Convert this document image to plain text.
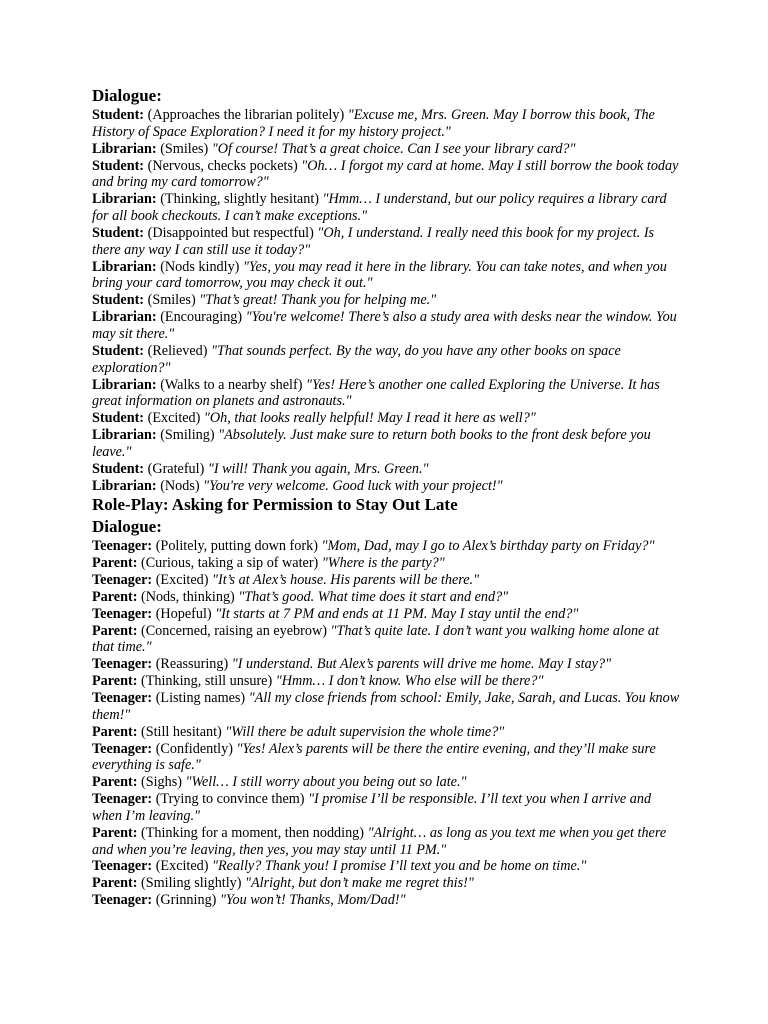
Dialogue:

Student: (Approaches the librarian politely) "Excuse me, Mrs. Green. May I borrow this book, The History of Space Exploration? I need it for my history project."

Librarian: (Smiles) "Of course! That’s a great choice. Can I see your library card?"

Student: (Nervous, checks pockets) "Oh… I forgot my card at home. May I still borrow the book today and bring my card tomorrow?"

Librarian: (Thinking, slightly hesitant) "Hmm… I understand, but our policy requires a library card for all book checkouts. I can’t make exceptions."

Student: (Disappointed but respectful) "Oh, I understand. I really need this book for my project. Is there any way I can still use it today?"

Librarian: (Nods kindly) "Yes, you may read it here in the library. You can take notes, and when you bring your card tomorrow, you may check it out."

Student: (Smiles) "That’s great! Thank you for helping me."

Librarian: (Encouraging) "You're welcome! There’s also a study area with desks near the window. You may sit there."

Student: (Relieved) "That sounds perfect. By the way, do you have any other books on space exploration?"

Librarian: (Walks to a nearby shelf) "Yes! Here’s another one called Exploring the Universe. It has great information on planets and astronauts."

Student: (Excited) "Oh, that looks really helpful! May I read it here as well?"

Librarian: (Smiling) "Absolutely. Just make sure to return both books to the front desk before you leave."

Student: (Grateful) "I will! Thank you again, Mrs. Green."

Librarian: (Nods) "You're very welcome. Good luck with your project!"

Role-Play: Asking for Permission to Stay Out Late
Dialogue:

Teenager: (Politely, putting down fork) "Mom, Dad, may I go to Alex’s birthday party on Friday?"

Parent: (Curious, taking a sip of water) "Where is the party?"

Teenager: (Excited) "It’s at Alex’s house. His parents will be there."

Parent: (Nods, thinking) "That’s good. What time does it start and end?"

Teenager: (Hopeful) "It starts at 7 PM and ends at 11 PM. May I stay until the end?"

Parent: (Concerned, raising an eyebrow) "That’s quite late. I don’t want you walking home alone at that time."

Teenager: (Reassuring) "I understand. But Alex’s parents will drive me home. May I stay?"

Parent: (Thinking, still unsure) "Hmm… I don’t know. Who else will be there?"

Teenager: (Listing names) "All my close friends from school: Emily, Jake, Sarah, and Lucas. You know them!"

Parent: (Still hesitant) "Will there be adult supervision the whole time?"

Teenager: (Confidently) "Yes! Alex’s parents will be there the entire evening, and they’ll make sure everything is safe."

Parent: (Sighs) "Well… I still worry about you being out so late."

Teenager: (Trying to convince them) "I promise I’ll be responsible. I’ll text you when I arrive and when I’m leaving."

Parent: (Thinking for a moment, then nodding) "Alright… as long as you text me when you get there and when you’re leaving, then yes, you may stay until 11 PM."

Teenager: (Excited) "Really? Thank you! I promise I’ll text you and be home on time."

Parent: (Smiling slightly) "Alright, but don’t make me regret this!"

Teenager: (Grinning) "You won’t! Thanks, Mom/Dad!"
